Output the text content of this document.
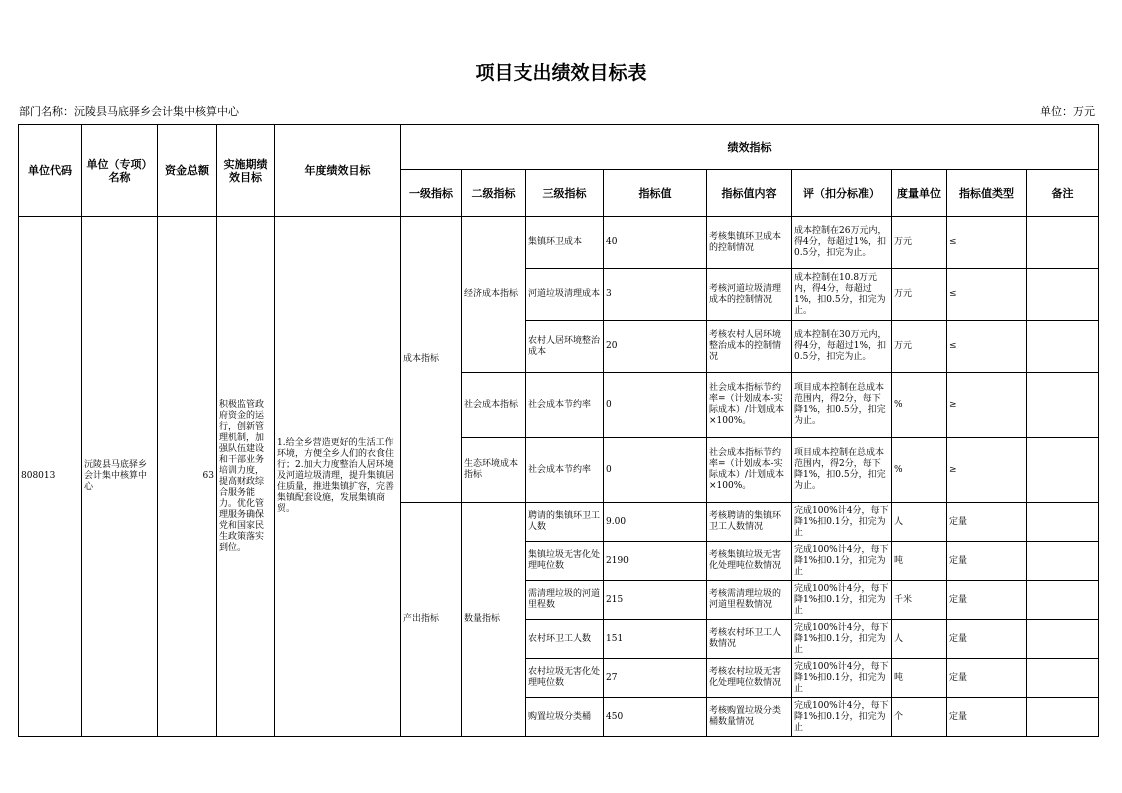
项目支出绩效目标表
部门名称：沅陵县马底驿乡会计集中核算中心	单位：万元
单位代码	单位（专项）名称	资金总额	实施期绩效目标	年度绩效目标	绩效指标								
					一级指标	二级指标	三级指标	指标值	指标值内容	评（扣分标准）	度量单位	指标值类型	备注
808013	沅陵县马底驿乡会计集中核算中心	63	积极监管政府资金的运行，创新管理机制，加强队伍建设和干部业务培训力度，提高财政综合服务能力。优化管理服务确保党和国家民生政策落实到位。	1.给全乡营造更好的生活工作环境，方便全乡人们的衣食住行；2.加大力度整治人居环境及河道垃圾清理，提升集镇居住质量，推进集镇扩容，完善集镇配套设施，发展集镇商贸。	成本指标	经济成本指标	集镇环卫成本	40	考核集镇环卫成本的控制情况	成本控制在26万元内，得4分，每超过1%，扣 0.5分，扣完为止。	万元	≤	
							河道垃圾清理成本	3	考核河道垃圾清理成本的控制情况	成本控制在10.8万元内，得4分，每超过1%，扣0.5分，扣完为止。	万元	≤	
							农村人居环境整治成本	20	考核农村人居环境整治成本的控制情况	成本控制在30万元内，得4分，每超过1%，扣0.5分，扣完为止。	万元	≤	
						社会成本指标	社会成本节约率	0	社会成本指标节约率=（计划成本-实际成本）/计划成本×100%。	项目成本控制在总成本范围内，得2分，每下降1%，扣0.5分，扣完为止。	%	≥	
						生态环境成本指标	社会成本节约率	0	社会成本指标节约率=（计划成本-实际成本）/计划成本×100%。	项目成本控制在总成本范围内，得2分，每下降1%，扣0.5分，扣完为止。	%	≥	
					产出指标	数量指标	聘请的集镇环卫工人数	9.00	考核聘请的集镇环卫工人数情况	完成100%计4分，每下降1%扣0.1分，扣完为止	人	定量	
							集镇垃圾无害化处理吨位数	2190	考核集镇垃圾无害化处理吨位数情况	完成100%计4分，每下降1%扣0.1分，扣完为止	吨	定量	
							需清理垃圾的河道里程数	215	考核需清理垃圾的河道里程数情况	完成100%计4分，每下降1%扣0.1分，扣完为止	千米	定量	
							农村环卫工人数	151	考核农村环卫工人数情况	完成100%计4分，每下降1%扣0.1分，扣完为止	人	定量	
							农村垃圾无害化处理吨位数	27	考核农村垃圾无害化处理吨位数情况	完成100%计4分，每下降1%扣0.1分，扣完为止	吨	定量	
							购置垃圾分类桶	450	考核购置垃圾分类桶数量情况	完成100%计4分，每下降1%扣0.1分，扣完为止	个	定量	
